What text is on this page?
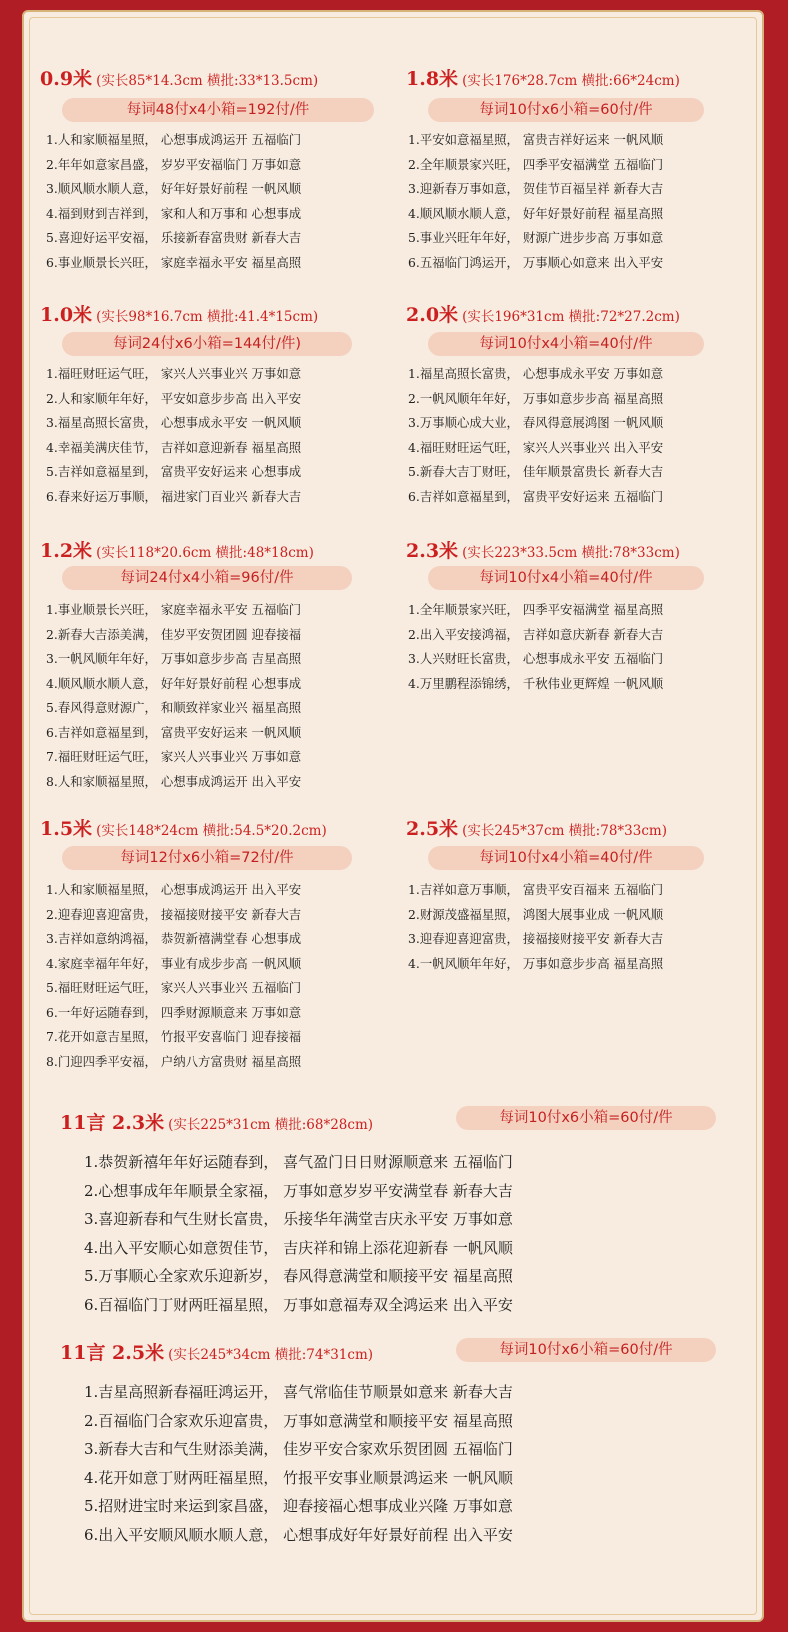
0.9米 (实长85*14.3cm 横批:33*13.5cm)
每词48付x4小箱=192付/件
1.人和家顺福星照， 心想事成鸿运开 五福临门
2.年年如意家昌盛， 岁岁平安福临门 万事如意
3.顺风顺水顺人意， 好年好景好前程 一帆风顺
4.福到财到吉祥到， 家和人和万事和 心想事成
5.喜迎好运平安福， 乐接新春富贵财 新春大吉
6.事业顺景长兴旺， 家庭幸福永平安 福星高照
1.8米 (实长176*28.7cm 横批:66*24cm)
每词10付x6小箱=60付/件
1.平安如意福星照， 富贵吉祥好运来 一帆风顺
2.全年顺景家兴旺， 四季平安福满堂 五福临门
3.迎新春万事如意， 贺佳节百福呈祥 新春大吉
4.顺风顺水顺人意， 好年好景好前程 福星高照
5.事业兴旺年年好， 财源广进步步高 万事如意
6.五福临门鸿运开， 万事顺心如意来 出入平安
1.0米 (实长98*16.7cm 横批:41.4*15cm)
每词24付x6小箱=144付/件)
1.福旺财旺运气旺， 家兴人兴事业兴 万事如意
2.人和家顺年年好， 平安如意步步高 出入平安
3.福星高照长富贵， 心想事成永平安 一帆风顺
4.幸福美满庆佳节， 吉祥如意迎新春 福星高照
5.吉祥如意福星到， 富贵平安好运来 心想事成
6.春来好运万事顺， 福进家门百业兴 新春大吉
2.0米 (实长196*31cm 横批:72*27.2cm)
每词10付x4小箱=40付/件
1.福星高照长富贵， 心想事成永平安 万事如意
2.一帆风顺年年好， 万事如意步步高 福星高照
3.万事顺心成大业， 春风得意展鸿图 一帆风顺
4.福旺财旺运气旺， 家兴人兴事业兴 出入平安
5.新春大吉丁财旺， 佳年顺景富贵长 新春大吉
6.吉祥如意福星到， 富贵平安好运来 五福临门
1.2米 (实长118*20.6cm 横批:48*18cm)
每词24付x4小箱=96付/件
1.事业顺景长兴旺， 家庭幸福永平安 五福临门
2.新春大吉添美满， 佳岁平安贺团圆 迎春接福
3.一帆风顺年年好， 万事如意步步高 吉星高照
4.顺风顺水顺人意， 好年好景好前程 心想事成
5.春风得意财源广， 和顺致祥家业兴 福星高照
6.吉祥如意福星到， 富贵平安好运来 一帆风顺
7.福旺财旺运气旺， 家兴人兴事业兴 万事如意
8.人和家顺福星照， 心想事成鸿运开 出入平安
2.3米 (实长223*33.5cm 横批:78*33cm)
每词10付x4小箱=40付/件
1.全年顺景家兴旺， 四季平安福满堂 福星高照
2.出入平安接鸿福， 吉祥如意庆新春 新春大吉
3.人兴财旺长富贵， 心想事成永平安 五福临门
4.万里鹏程添锦绣， 千秋伟业更辉煌 一帆风顺
1.5米 (实长148*24cm 横批:54.5*20.2cm)
每词12付x6小箱=72付/件
1.人和家顺福星照， 心想事成鸿运开 出入平安
2.迎春迎喜迎富贵， 接福接财接平安 新春大吉
3.吉祥如意纳鸿福， 恭贺新禧满堂春 心想事成
4.家庭幸福年年好， 事业有成步步高 一帆风顺
5.福旺财旺运气旺， 家兴人兴事业兴 五福临门
6.一年好运随春到， 四季财源顺意来 万事如意
7.花开如意吉星照， 竹报平安喜临门 迎春接福
8.门迎四季平安福， 户纳八方富贵财 福星高照
2.5米 (实长245*37cm 横批:78*33cm)
每词10付x4小箱=40付/件
1.吉祥如意万事顺， 富贵平安百福来 五福临门
2.财源茂盛福星照， 鸿图大展事业成 一帆风顺
3.迎春迎喜迎富贵， 接福接财接平安 新春大吉
4.一帆风顺年年好， 万事如意步步高 福星高照
11言 2.3米 (实长225*31cm 横批:68*28cm)	每词10付x6小箱=60付/件
1.恭贺新禧年年好运随春到， 喜气盈门日日财源顺意来 五福临门
2.心想事成年年顺景全家福， 万事如意岁岁平安满堂春 新春大吉
3.喜迎新春和气生财长富贵， 乐接华年满堂吉庆永平安 万事如意
4.出入平安顺心如意贺佳节， 吉庆祥和锦上添花迎新春 一帆风顺
5.万事顺心全家欢乐迎新岁， 春风得意满堂和顺接平安 福星高照
6.百福临门丁财两旺福星照， 万事如意福寿双全鸿运来 出入平安
11言 2.5米 (实长245*34cm 横批:74*31cm)	每词10付x6小箱=60付/件
1.吉星高照新春福旺鸿运开， 喜气常临佳节顺景如意来 新春大吉
2.百福临门合家欢乐迎富贵， 万事如意满堂和顺接平安 福星高照
3.新春大吉和气生财添美满， 佳岁平安合家欢乐贺团圆 五福临门
4.花开如意丁财两旺福星照， 竹报平安事业顺景鸿运来 一帆风顺
5.招财进宝时来运到家昌盛， 迎春接福心想事成业兴隆 万事如意
6.出入平安顺风顺水顺人意， 心想事成好年好景好前程 出入平安
